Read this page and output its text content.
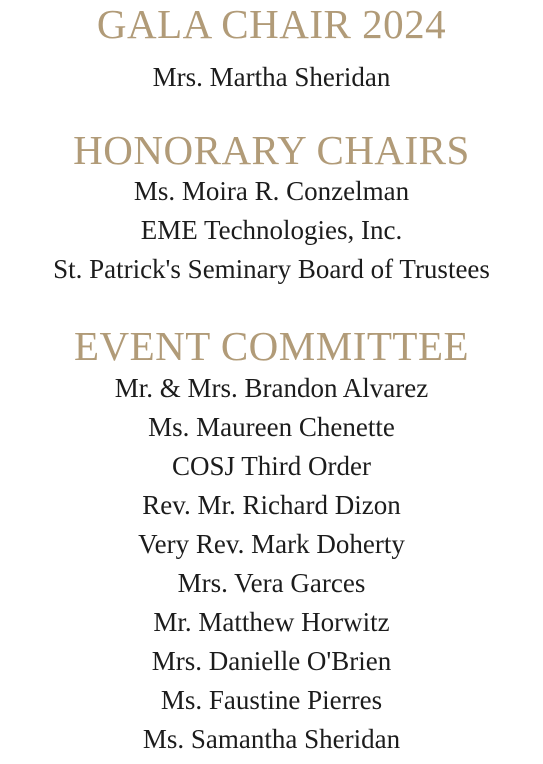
GALA CHAIR 2024

Mrs. Martha Sheridan

HONORARY CHAIRS

Ms. Moira R. Conzelman

EME Technologies, Inc.

St. Patrick's Seminary Board of Trustees

EVENT COMMITTEE

Mr. & Mrs. Brandon Alvarez

Ms. Maureen Chenette

COSJ Third Order

Rev. Mr. Richard Dizon

Very Rev. Mark Doherty

Mrs. Vera Garces

Mr. Matthew Horwitz

Mrs. Danielle O'Brien

Ms. Faustine Pierres

Ms. Samantha Sheridan
